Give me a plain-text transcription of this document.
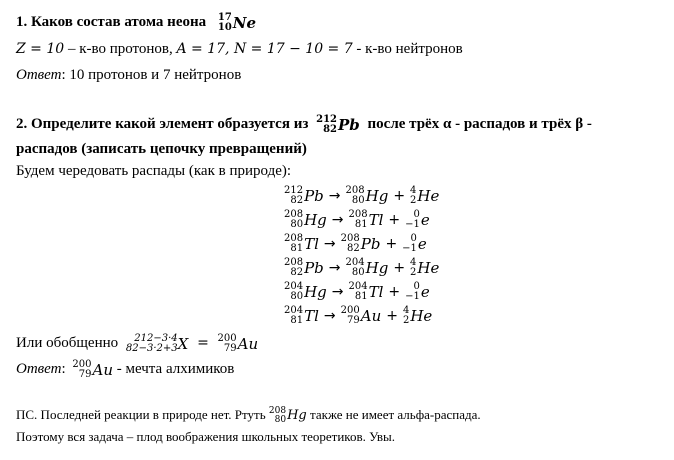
1. Каков состав атома неона 17
10 Ne
Z = 10 – к-во протонов, A = 17, N = 17 − 10 = 7 - к-во нейтронов
Ответ: 10 протонов и 7 нейтронов
2. Определите какой элемент образуется из 212
82 Pb после трёх α - распадов и трёх β -
распадов (записать цепочку превращений)
Будем чередовать распады (как в природе):
212
82 Pb → 208
80 Hg + 4
2 He
208
80 Hg → 208
81 Tl + 0
−1 e
208
81 Tl → 208
82 Pb + 0
−1 e
208
82 Pb → 204
80 Hg + 4
2 He
204
80 Hg → 204
81 Tl + 0
−1 e
204
81 Tl → 200
79 Au + 4
2 He
Или обобщенно 212−3·4
82−3·2+3 X = 200
79 Au
Ответ: 200
79 Au - мечта алхимиков
ПС. Последней реакции в природе нет. Ртуть 208
80 Hg также не имеет альфа-распада.
Поэтому вся задача – плод воображения школьных теоретиков. Увы.
